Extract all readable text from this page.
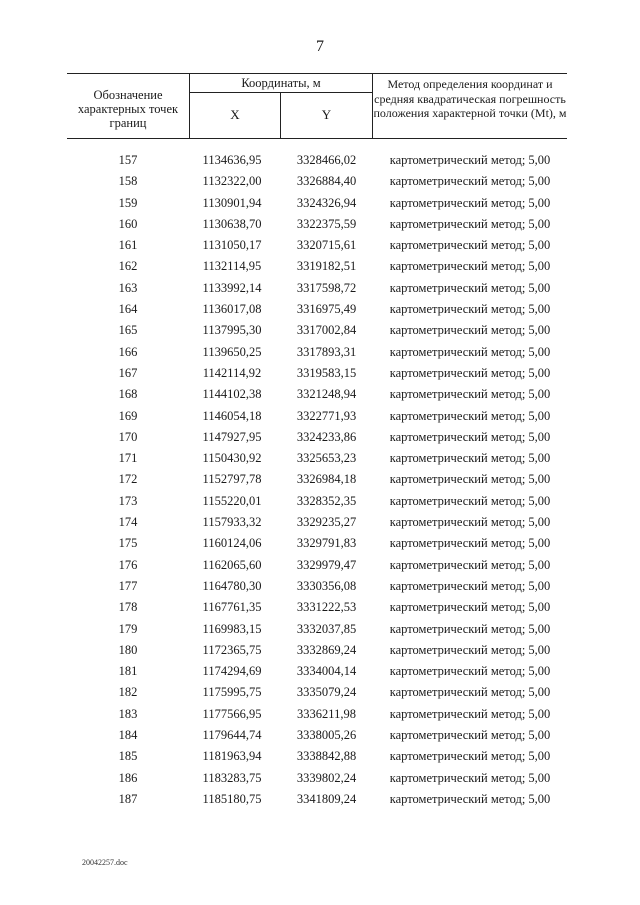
7
Обозначение характерных точек границ
Координаты, м
X	Y
Метод определения координат и средняя квадратическая погрешность положения характерной точки (Mt), м
157	1134636,95	3328466,02	картометрический метод; 5,00
158	1132322,00	3326884,40	картометрический метод; 5,00
159	1130901,94	3324326,94	картометрический метод; 5,00
160	1130638,70	3322375,59	картометрический метод; 5,00
161	1131050,17	3320715,61	картометрический метод; 5,00
162	1132114,95	3319182,51	картометрический метод; 5,00
163	1133992,14	3317598,72	картометрический метод; 5,00
164	1136017,08	3316975,49	картометрический метод; 5,00
165	1137995,30	3317002,84	картометрический метод; 5,00
166	1139650,25	3317893,31	картометрический метод; 5,00
167	1142114,92	3319583,15	картометрический метод; 5,00
168	1144102,38	3321248,94	картометрический метод; 5,00
169	1146054,18	3322771,93	картометрический метод; 5,00
170	1147927,95	3324233,86	картометрический метод; 5,00
171	1150430,92	3325653,23	картометрический метод; 5,00
172	1152797,78	3326984,18	картометрический метод; 5,00
173	1155220,01	3328352,35	картометрический метод; 5,00
174	1157933,32	3329235,27	картометрический метод; 5,00
175	1160124,06	3329791,83	картометрический метод; 5,00
176	1162065,60	3329979,47	картометрический метод; 5,00
177	1164780,30	3330356,08	картометрический метод; 5,00
178	1167761,35	3331222,53	картометрический метод; 5,00
179	1169983,15	3332037,85	картометрический метод; 5,00
180	1172365,75	3332869,24	картометрический метод; 5,00
181	1174294,69	3334004,14	картометрический метод; 5,00
182	1175995,75	3335079,24	картометрический метод; 5,00
183	1177566,95	3336211,98	картометрический метод; 5,00
184	1179644,74	3338005,26	картометрический метод; 5,00
185	1181963,94	3338842,88	картометрический метод; 5,00
186	1183283,75	3339802,24	картометрический метод; 5,00
187	1185180,75	3341809,24	картометрический метод; 5,00
20042257.doc
